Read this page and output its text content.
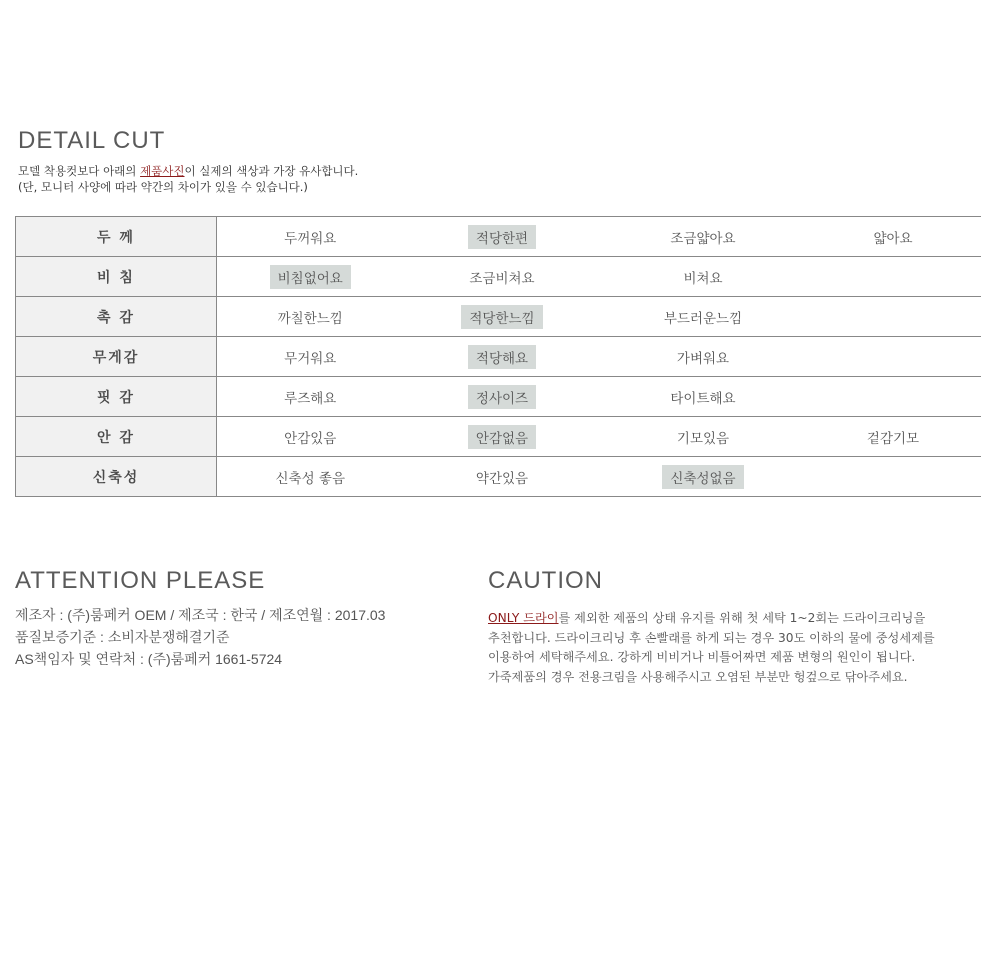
DETAIL CUT

모델 착용컷보다 아래의 제품사진이 실제의 색상과 가장 유사합니다.

(단, 모니터 사양에 따라 약간의 차이가 있을 수 있습니다.)

두 께	두꺼워요	적당한편	조금얇아요	얇아요
비 침	비침없어요	조금비쳐요	비쳐요	
촉 감	까칠한느낌	적당한느낌	부드러운느낌	
무게감	무거워요	적당해요	가벼워요	
핏 감	루즈해요	정사이즈	타이트해요	
안 감	안감있음	안감없음	기모있음	겉감기모
신축성	신축성 좋음	약간있음	신축성없음	
ATTENTION PLEASE

제조자 : (주)룸페커 OEM / 제조국 : 한국 / 제조연월 : 2017.03

품질보증기준 : 소비자분쟁해결기준

AS책임자 및 연락처 : (주)룸페커 1661-5724

CAUTION

ONLY 드라이를 제외한 제품의 상태 유지를 위해 첫 세탁 1~2회는 드라이크리닝을

추천합니다. 드라이크리닝 후 손빨래를 하게 되는 경우 30도 이하의 물에 중성세제를

이용하여 세탁해주세요. 강하게 비비거나 비틀어짜면 제품 변형의 원인이 됩니다.

가죽제품의 경우 전용크림을 사용해주시고 오염된 부분만 헝겊으로 닦아주세요.
